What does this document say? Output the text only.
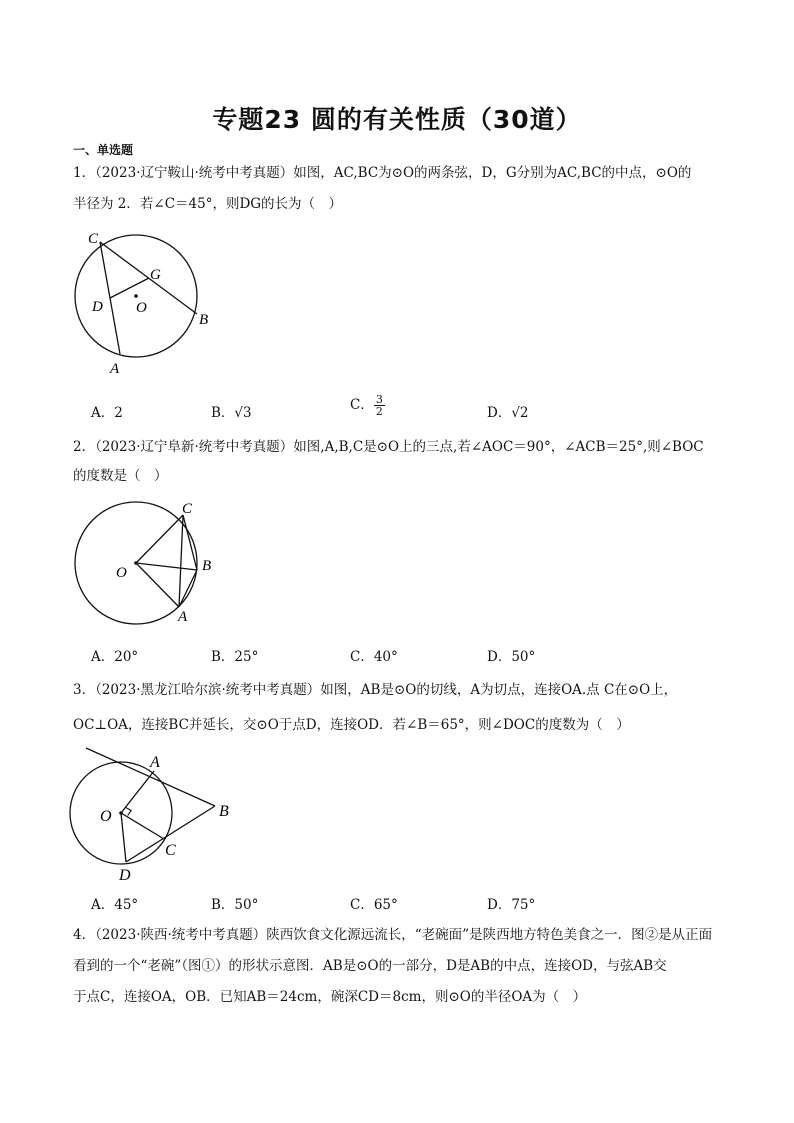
专题23 圆的有关性质（30道）
一、单选题
1．（2023·辽宁鞍山·统考中考真题）如图，AC,BC为⊙O的两条弦，D，G分别为AC,BC的中点，⊙O的
半径为 2．若∠C＝45°，则DG的长为（　）
C
G
D O
B
A
A．2	B．√3	C． $\frac{3}{2}$	D．√2
2．（2023·辽宁阜新·统考中考真题）如图,A,B,C是⊙O上的三点,若∠AOC＝90°，∠ACB＝25°,则∠BOC
的度数是（　）
C
O	B
A
A．20°	B．25°	C．40°	D．50°
3．（2023·黑龙江哈尔滨·统考中考真题）如图，AB是⊙O的切线，A为切点，连接OA.点 C在⊙O上，
OC⊥OA，连接BC并延长，交⊙O于点D，连接OD．若∠B＝65°，则∠DOC的度数为（　）
A
O	B
C
D
A．45°	B．50°	C．65°	D．75°
4．（2023·陕西·统考中考真题）陕西饮食文化源远流长，“老碗面”是陕西地方特色美食之一．图②是从正面
看到的一个“老碗”（图①）的形状示意图．AB是⊙O的一部分，D是AB的中点，连接OD，与弦AB交
于点C，连接OA，OB．已知AB＝24cm，碗深CD＝8cm，则⊙O的半径OA为（　）
